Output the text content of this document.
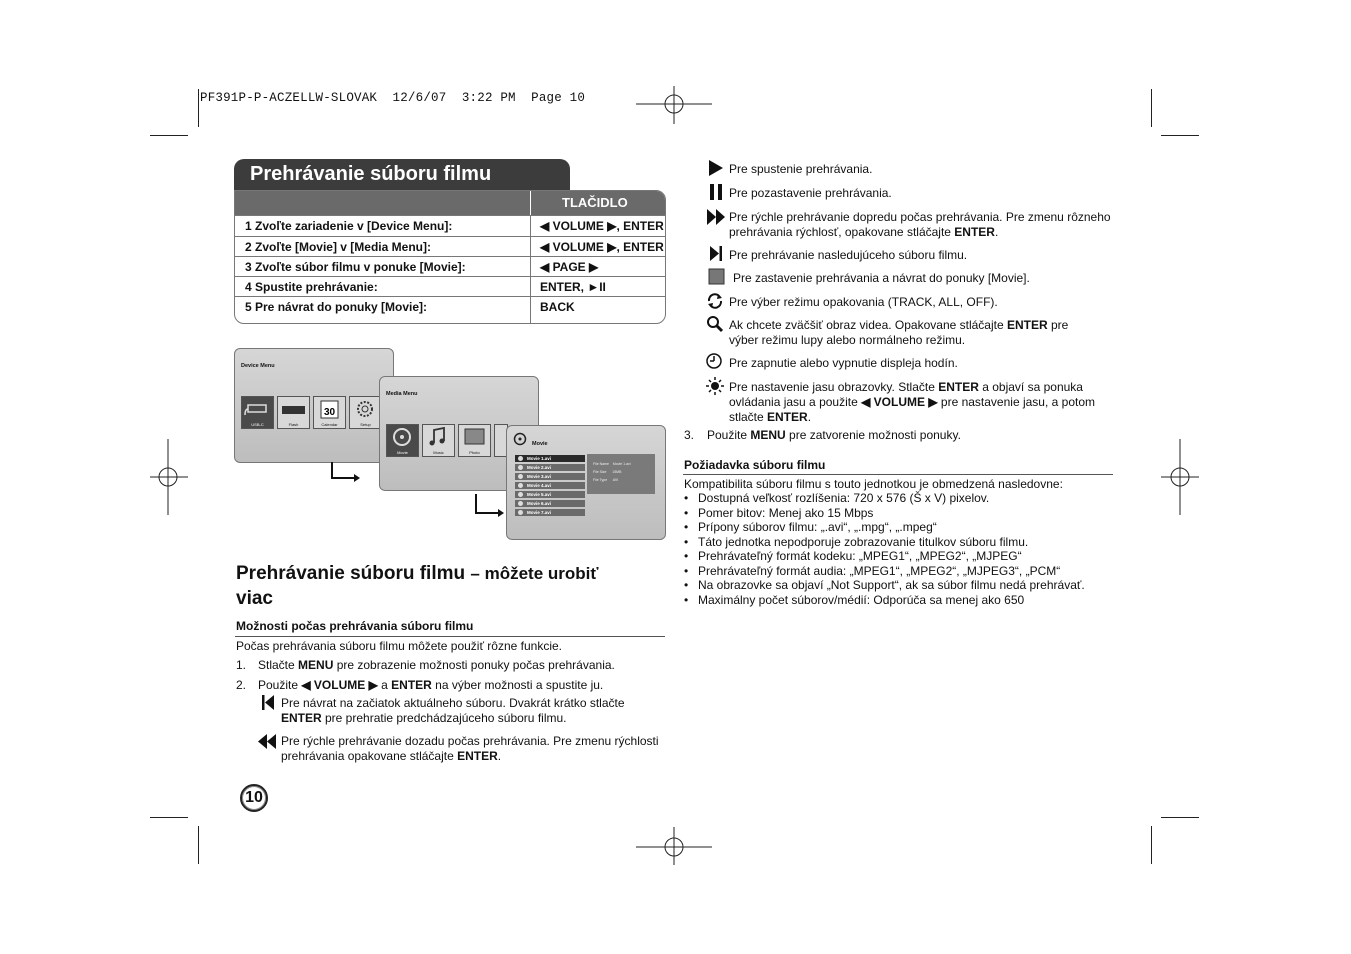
PF391P-P-ACZELLW-SLOVAK  12/6/07  3:22 PM  Page 10
Prehrávanie súboru filmu
TLAČIDLO
1 Zvoľte zariadenie v [Device Menu]:	◀ VOLUME ▶, ENTER
2 Zvoľte [Movie] v [Media Menu]:	◀ VOLUME ▶, ENTER
3 Zvoľte súbor filmu v ponuke [Movie]:	◀ PAGE ▶
4 Spustite prehrávanie:	ENTER, ►II
5 Pre návrat do ponuky [Movie]:	BACK
Device Menu
USB-C	Flash
30
Calendar	Setup
Media Menu
Movie	Music	Photo
Movie
Movie 1.avi
Movie 2.avi
Movie 3.avi
Movie 4.avi
Movie 5.avi
Movie 6.avi
Movie 7.avi
File Name    Movie 1.avi
File Size      15MB
File Type      AVI
Prehrávanie súboru filmu – môžete urobiť
viac
Možnosti počas prehrávania súboru filmu
Počas prehrávania súboru filmu môžete použiť rôzne funkcie.
1. Stlačte MENU pre zobrazenie možnosti ponuky počas prehrávania.
2. Použite ◀ VOLUME ▶ a ENTER na výber možnosti a spustite ju.
Pre návrat na začiatok aktuálneho súboru. Dvakrát krátko stlačte
ENTER pre prehratie predchádzajúceho súboru filmu.
Pre rýchle prehrávanie dozadu počas prehrávania. Pre zmenu rýchlosti
prehrávania opakovane stláčajte ENTER.
10
Pre spustenie prehrávania.
Pre pozastavenie prehrávania.
Pre rýchle prehrávanie dopredu počas prehrávania. Pre zmenu rôzneho
prehrávania rýchlosť, opakovane stláčajte ENTER.
Pre prehrávanie nasledujúceho súboru filmu.
Pre zastavenie prehrávania a návrat do ponuky [Movie].
Pre výber režimu opakovania (TRACK, ALL, OFF).
Ak chcete zväčšiť obraz videa. Opakovane stláčajte ENTER pre
výber režimu lupy alebo normálneho režimu.
Pre zapnutie alebo vypnutie displeja hodín.
Pre nastavenie jasu obrazovky. Stlačte ENTER a objaví sa ponuka
ovládania jasu a použite ◀ VOLUME ▶ pre nastavenie jasu, a potom
stlačte ENTER.
3. Použite MENU pre zatvorenie možnosti ponuky.
Požiadavka súboru filmu
Kompatibilita súboru filmu s touto jednotkou je obmedzená nasledovne:
• Dostupná veľkosť rozlíšenia: 720 x 576 (Š x V) pixelov.
• Pomer bitov: Menej ako 15 Mbps
• Prípony súborov filmu: „.avi“, „.mpg“, „.mpeg“
• Táto jednotka nepodporuje zobrazovanie titulkov súboru filmu.
• Prehrávateľný formát kodeku: „MPEG1“, „MPEG2“, „MJPEG“
• Prehrávateľný formát audia: „MPEG1“, „MPEG2“, „MJPEG3“, „PCM“
• Na obrazovke sa objaví „Not Support“, ak sa súbor filmu nedá prehrávať.
• Maximálny počet súborov/médií: Odporúča sa menej ako 650
